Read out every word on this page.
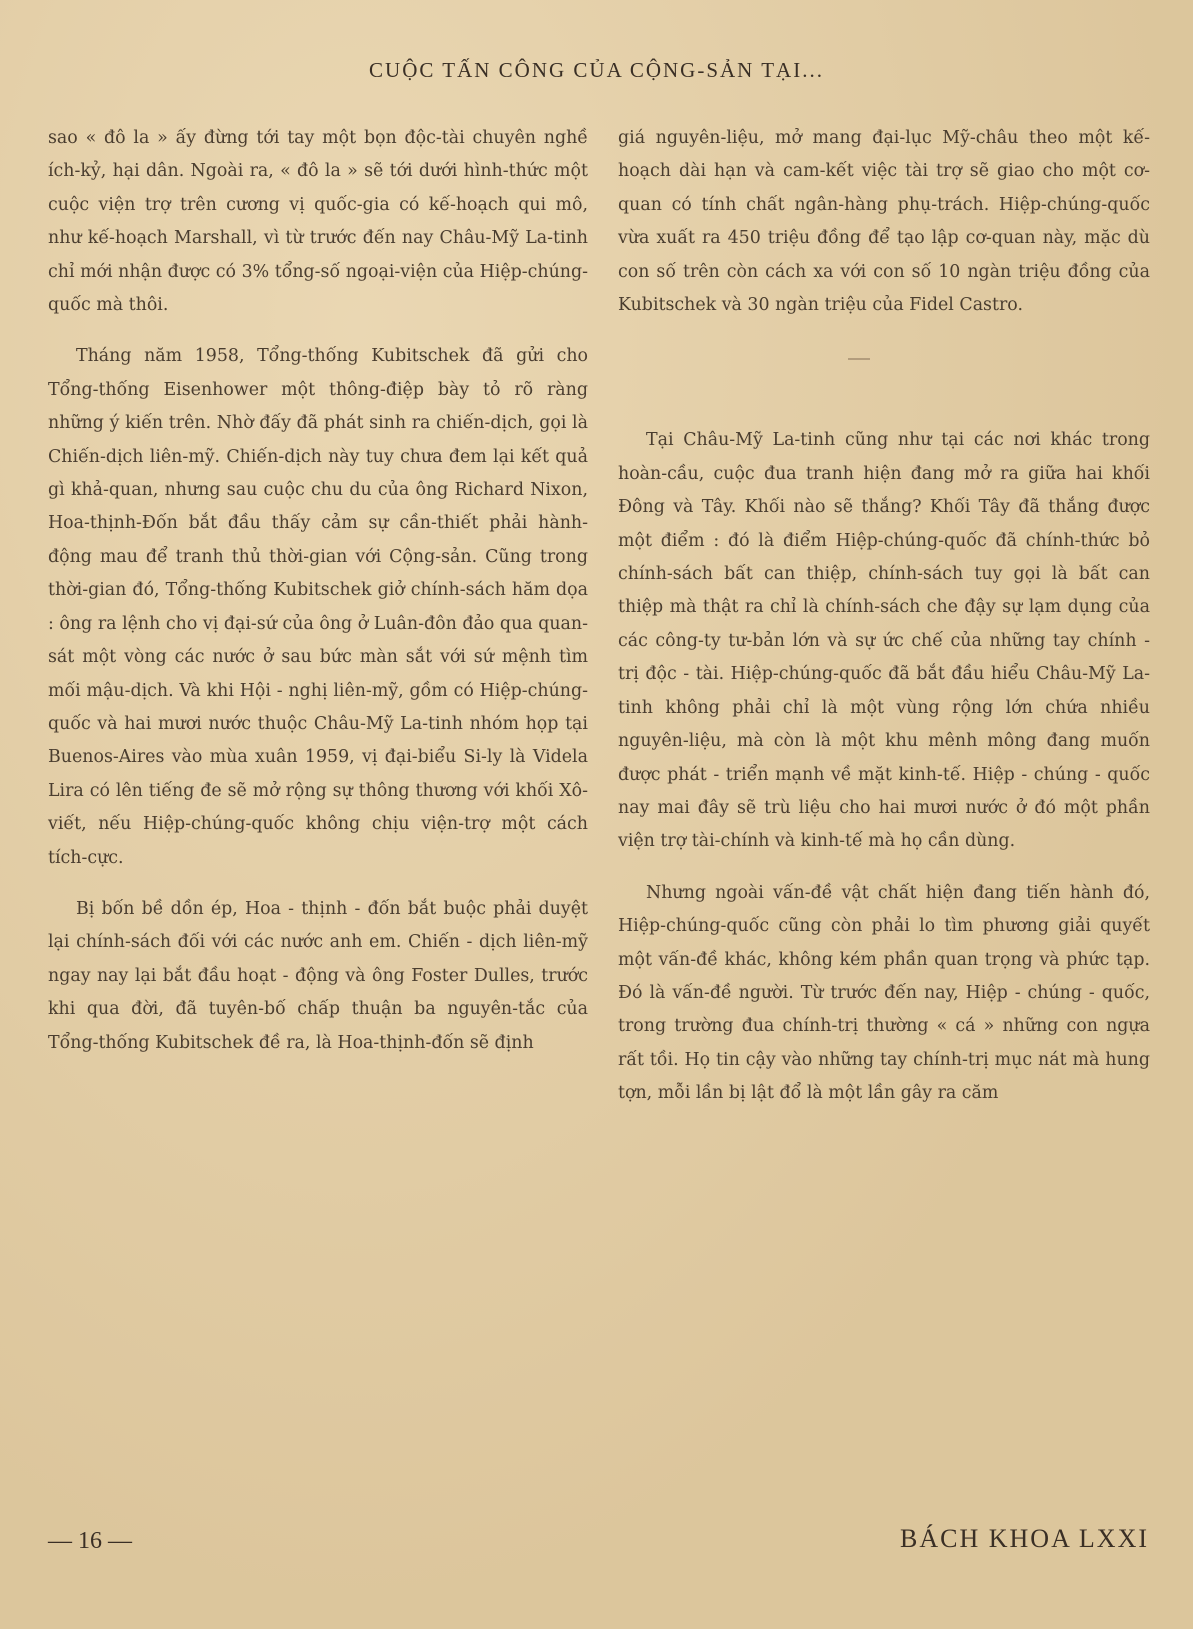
CUỘC TẤN CÔNG CỦA CỘNG-SẢN TẠI...

sao « đô la » ấy đừng tới tay một bọn độc-tài chuyên nghề ích-kỷ, hại dân. Ngoài ra, « đô la » sẽ tới dưới hình-thức một cuộc viện trợ trên cương vị quốc-gia có kế-hoạch qui mô, như kế-hoạch Marshall, vì từ trước đến nay Châu-Mỹ La-tinh chỉ mới nhận được có 3% tổng-số ngoại-viện của Hiệp-chúng-quốc mà thôi.

Tháng năm 1958, Tổng-thống Kubitschek đã gửi cho Tổng-thống Eisenhower một thông-điệp bày tỏ rõ ràng những ý kiến trên. Nhờ đấy đã phát sinh ra chiến-dịch, gọi là Chiến-dịch liên-mỹ. Chiến-dịch này tuy chưa đem lại kết quả gì khả-quan, nhưng sau cuộc chu du của ông Richard Nixon, Hoa-thịnh-Đốn bắt đầu thấy cảm sự cần-thiết phải hành-động mau để tranh thủ thời-gian với Cộng-sản. Cũng trong thời-gian đó, Tổng-thống Kubitschek giở chính-sách hăm dọa : ông ra lệnh cho vị đại-sứ của ông ở Luân-đôn đảo qua quan-sát một vòng các nước ở sau bức màn sắt với sứ mệnh tìm mối mậu-dịch. Và khi Hội - nghị liên-mỹ, gồm có Hiệp-chúng-quốc và hai mươi nước thuộc Châu-Mỹ La-tinh nhóm họp tại Buenos-Aires vào mùa xuân 1959, vị đại-biểu Si-ly là Videla Lira có lên tiếng đe sẽ mở rộng sự thông thương với khối Xô-viết, nếu Hiệp-chúng-quốc không chịu viện-trợ một cách tích-cực.

Bị bốn bề dồn ép, Hoa - thịnh - đốn bắt buộc phải duyệt lại chính-sách đối với các nước anh em. Chiến - dịch liên-mỹ ngay nay lại bắt đầu hoạt - động và ông Foster Dulles, trước khi qua đời, đã tuyên-bố chấp thuận ba nguyên-tắc của Tổng-thống Kubitschek đề ra, là Hoa-thịnh-đốn sẽ định

giá nguyên-liệu, mở mang đại-lục Mỹ-châu theo một kế-hoạch dài hạn và cam-kết việc tài trợ sẽ giao cho một cơ-quan có tính chất ngân-hàng phụ-trách. Hiệp-chúng-quốc vừa xuất ra 450 triệu đồng để tạo lập cơ-quan này, mặc dù con số trên còn cách xa với con số 10 ngàn triệu đồng của Kubitschek và 30 ngàn triệu của Fidel Castro.

Tại Châu-Mỹ La-tinh cũng như tại các nơi khác trong hoàn-cầu, cuộc đua tranh hiện đang mở ra giữa hai khối Đông và Tây. Khối nào sẽ thắng? Khối Tây đã thắng được một điểm : đó là điểm Hiệp-chúng-quốc đã chính-thức bỏ chính-sách bất can thiệp, chính-sách tuy gọi là bất can thiệp mà thật ra chỉ là chính-sách che đậy sự lạm dụng của các công-ty tư-bản lớn và sự ức chế của những tay chính - trị độc - tài. Hiệp-chúng-quốc đã bắt đầu hiểu Châu-Mỹ La-tinh không phải chỉ là một vùng rộng lớn chứa nhiều nguyên-liệu, mà còn là một khu mênh mông đang muốn được phát - triển mạnh về mặt kinh-tế. Hiệp - chúng - quốc nay mai đây sẽ trù liệu cho hai mươi nước ở đó một phần viện trợ tài-chính và kinh-tế mà họ cần dùng.

Nhưng ngoài vấn-đề vật chất hiện đang tiến hành đó, Hiệp-chúng-quốc cũng còn phải lo tìm phương giải quyết một vấn-đề khác, không kém phần quan trọng và phức tạp. Đó là vấn-đề người. Từ trước đến nay, Hiệp - chúng - quốc, trong trường đua chính-trị thường « cá » những con ngựa rất tồi. Họ tin cậy vào những tay chính-trị mục nát mà hung tợn, mỗi lần bị lật đổ là một lần gây ra căm

— 16 —	BÁCH KHOA LXXI
